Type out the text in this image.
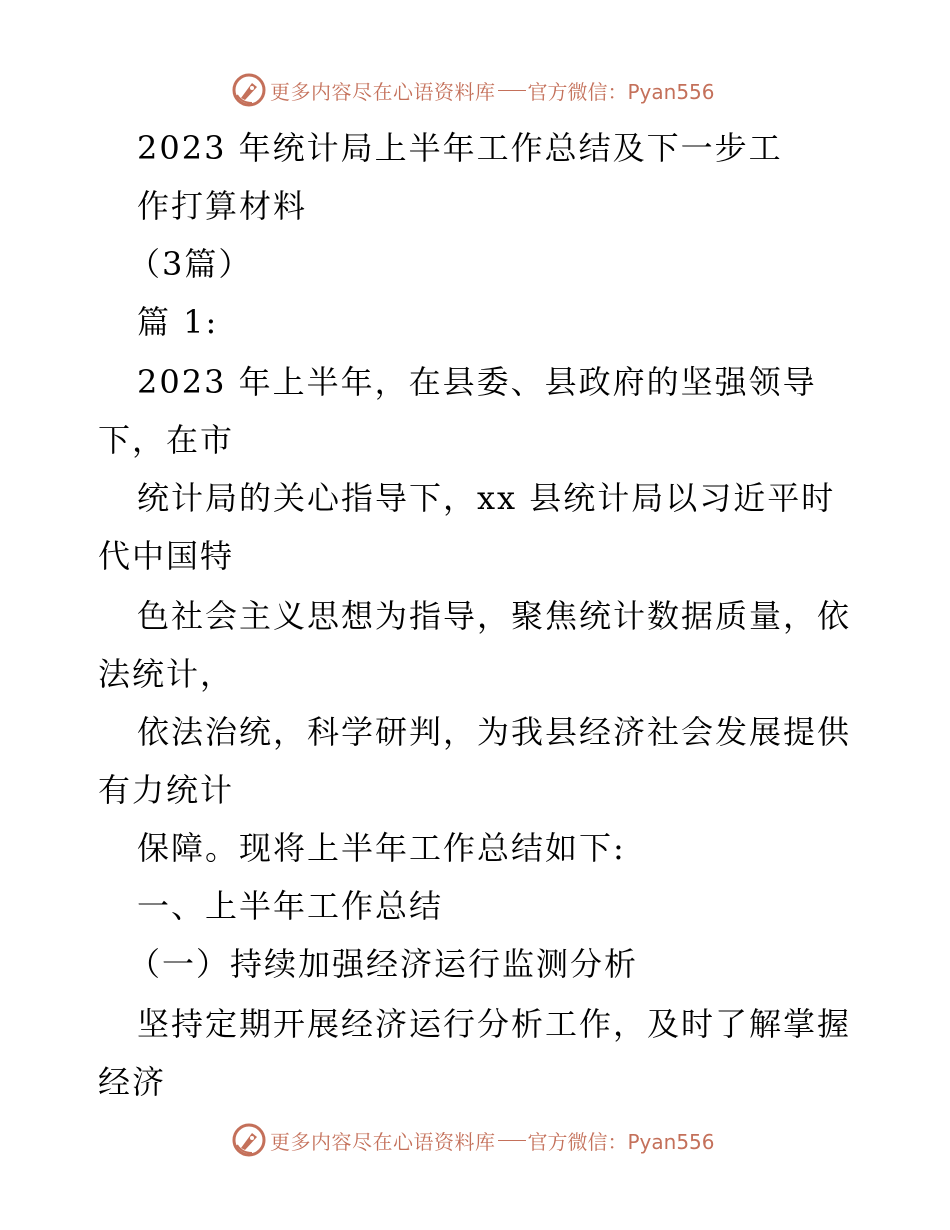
更多内容尽在心语资料库 官方微信：Pyan556
2023 年统计局上半年工作总结及下一步工
作打算材料
（3篇）
篇 1:
2023 年上半年，在县委、县政府的坚强领导
下，在市
统计局的关心指导下，xx 县统计局以习近平时
代中国特
色社会主义思想为指导，聚焦统计数据质量，依
法统计，
依法治统，科学研判，为我县经济社会发展提供
有力统计
保障。现将上半年工作总结如下:
一、上半年工作总结
（一）持续加强经济运行监测分析
坚持定期开展经济运行分析工作，及时了解掌握
经济
更多内容尽在心语资料库 官方微信：Pyan556
